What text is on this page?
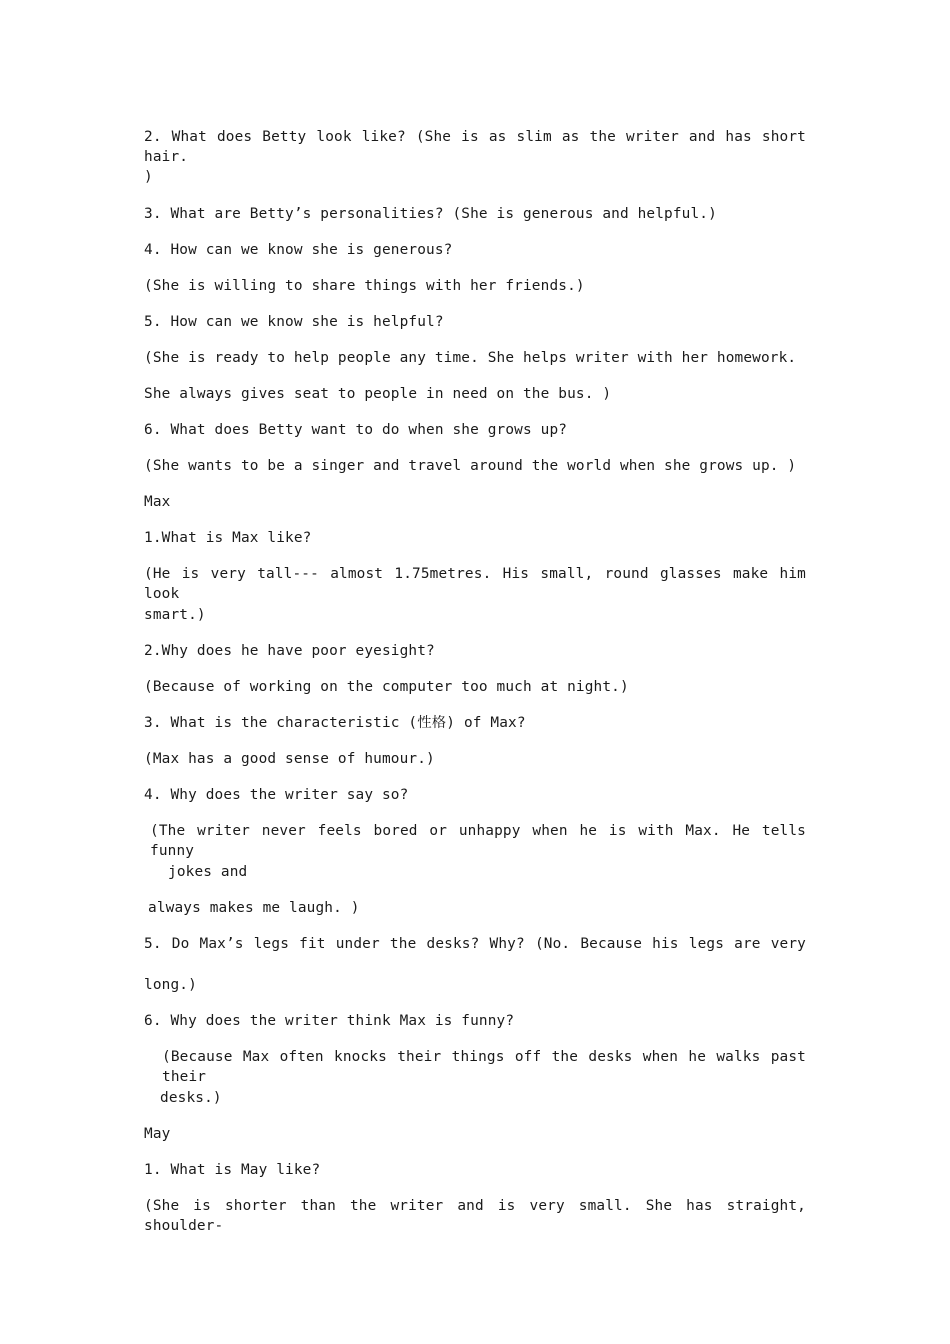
2. What does Betty look like? (She is as slim as the writer and has short hair.
)
3. What are Betty’s personalities? (She is generous and helpful.)
4. How can we know she is generous?
(She is willing to share things with her friends.)
5. How can we know she is helpful?
(She is ready to help people any time. She helps writer with her homework.
She always gives seat to people in need on the bus. )
6. What does Betty want to do when she grows up?
(She wants to be a singer and travel around the world when she grows up. )
Max
1.What is Max like?
(He is very tall--- almost 1.75metres. His small, round glasses make him look
smart.)
2.Why does he have poor eyesight?
(Because of working on the computer too much at night.)
3. What is the characteristic (性格) of Max?
(Max has a good sense of humour.)
4. Why does the writer say so?
(The writer never feels bored or unhappy when he is with Max. He tells funny
jokes and
always makes me laugh. )
5. Do Max’s legs fit under the desks? Why? (No. Because his legs are very
long.)
6. Why does the writer think Max is funny?
(Because Max often knocks their things off the desks when he walks past their
desks.)
May
1. What is May like?
(She is shorter than the writer and is very small. She has straight, shoulder-
